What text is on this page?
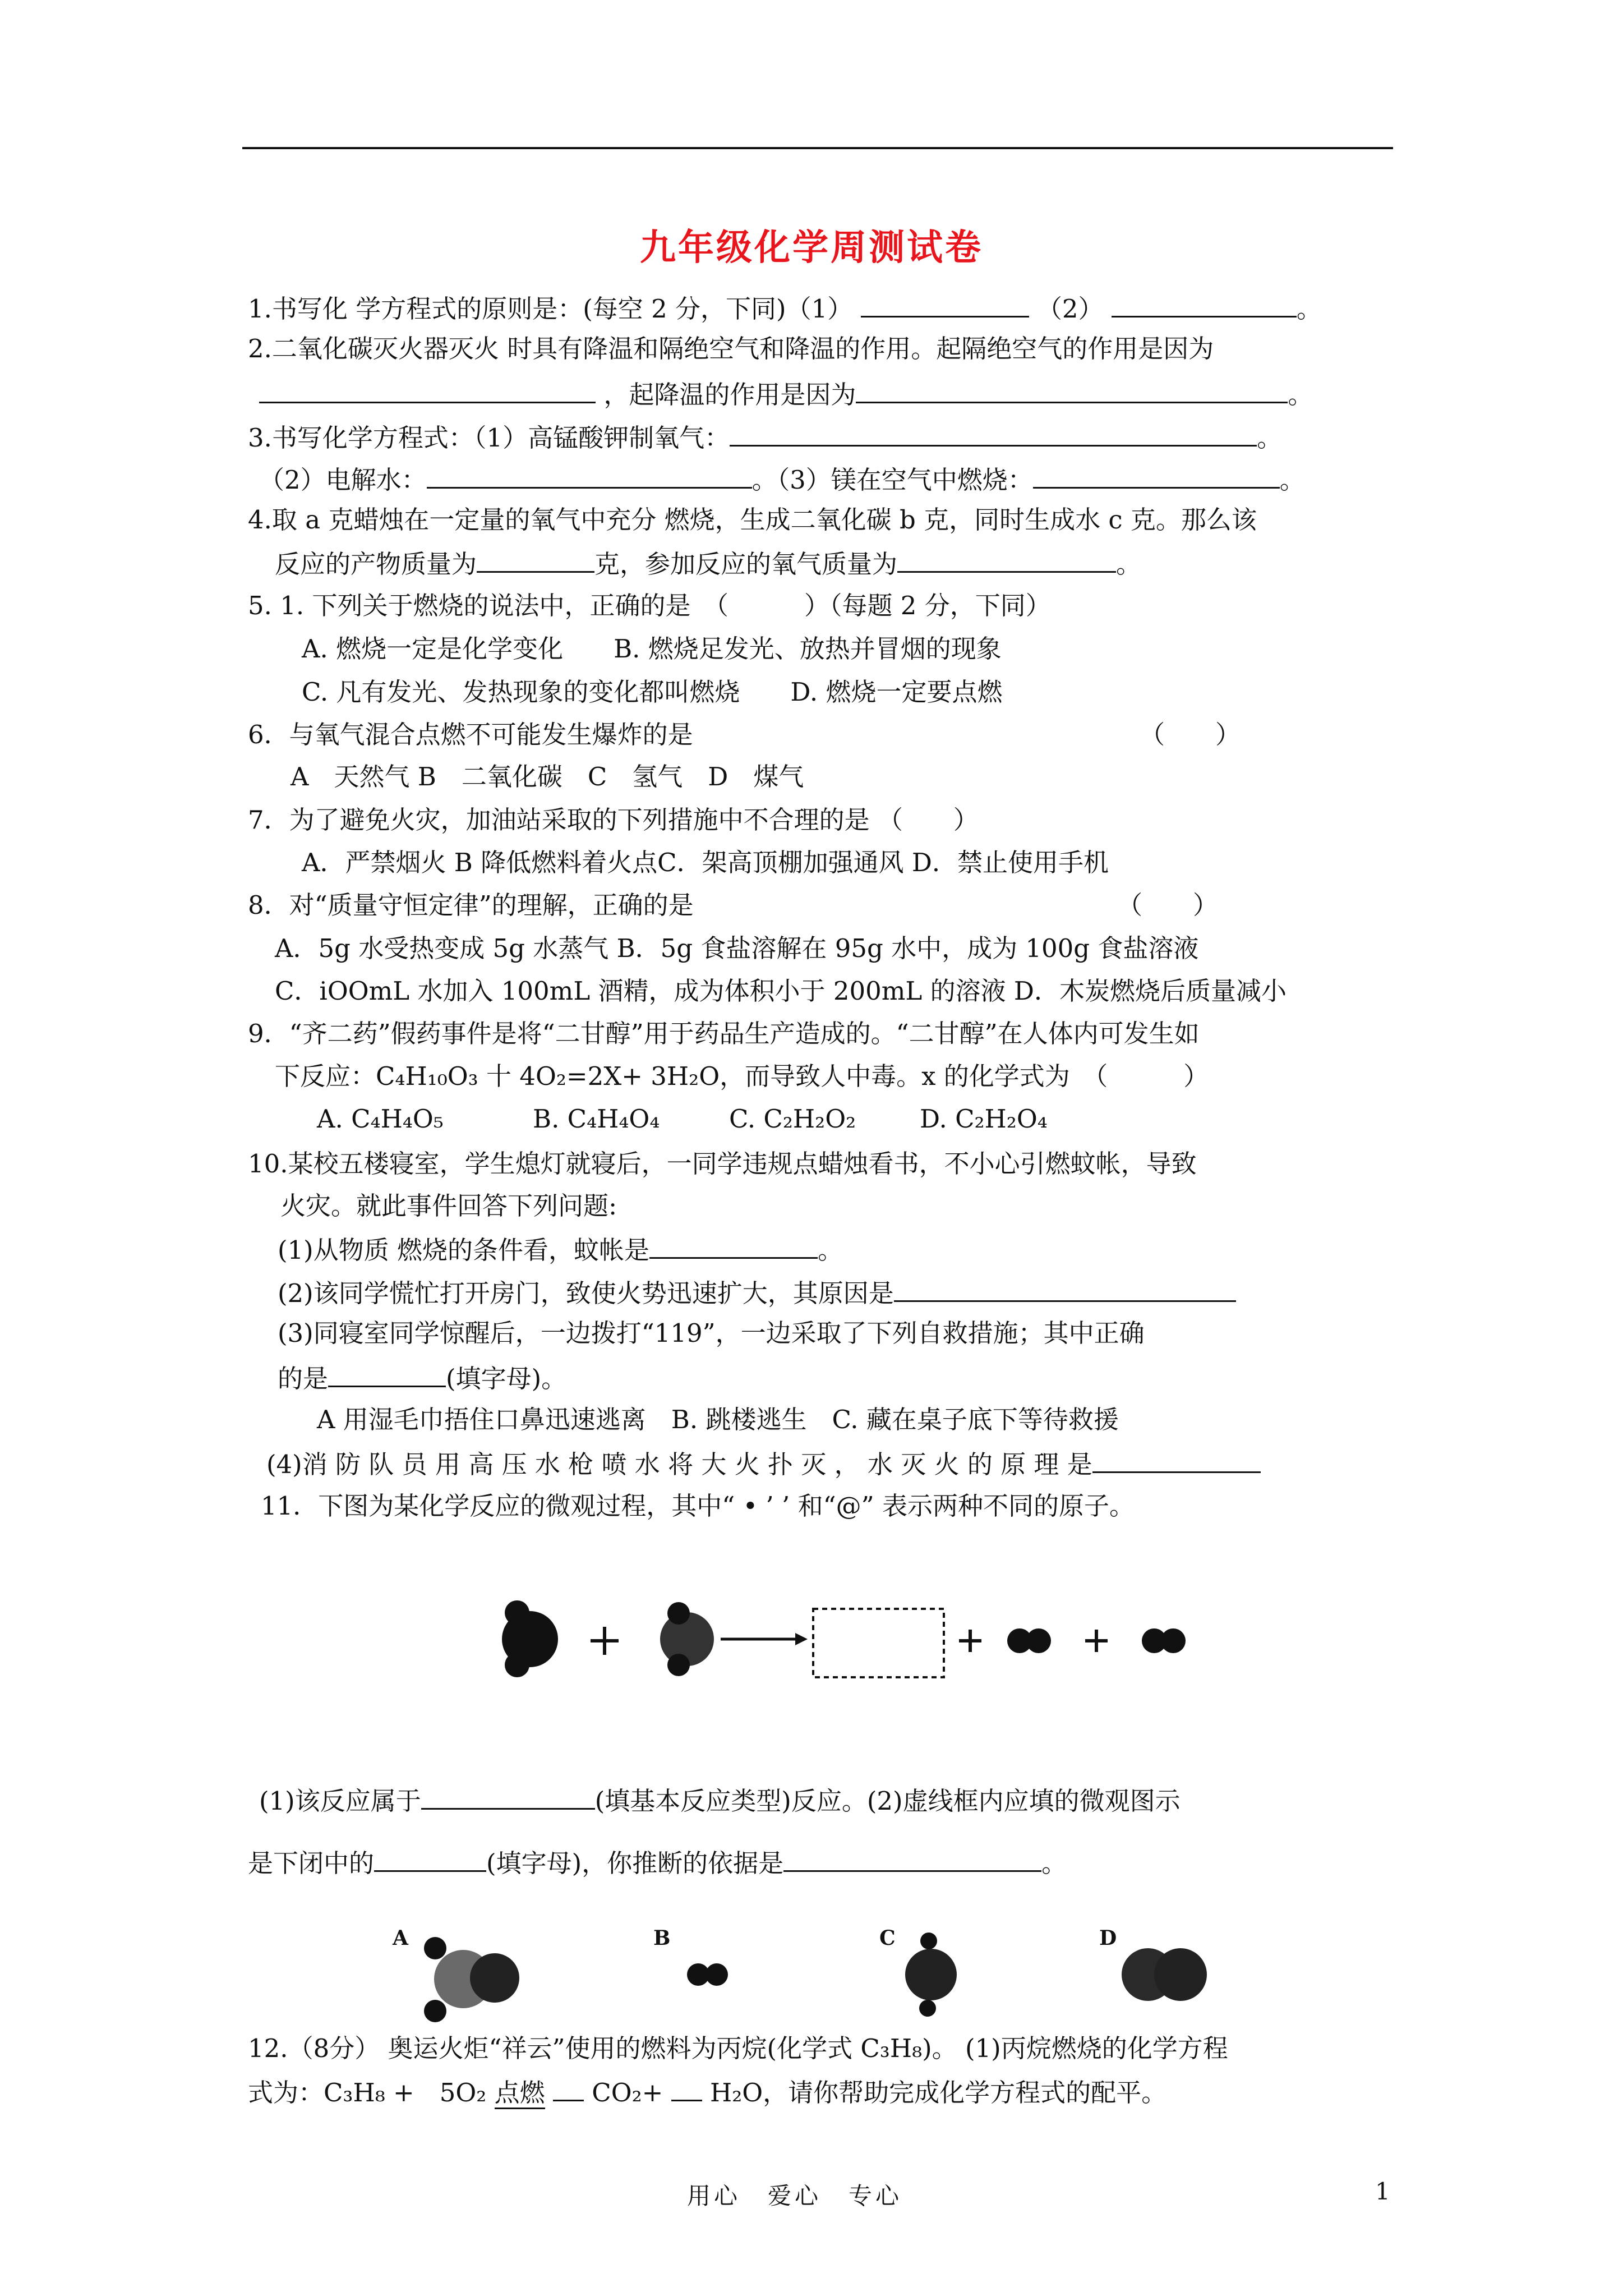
九年级化学周测试卷
1.书写化 学方程式的原则是：(每空 2 分，下同)（1）	（2）	。
2.二氧化碳灭火器灭火 时具有降温和隔绝空气和降温的作用。起隔绝空气的作用是因为
，起降温的作用是因为	。
3.书写化学方程式：（1）高锰酸钾制氧气：	。
（2）电解水：	。（3）镁在空气中燃烧：	。
4.取 a 克蜡烛在一定量的氧气中充分 燃烧，生成二氧化碳 b 克，同时生成水 c 克。那么该
反应的产物质量为	克，参加反应的氧气质量为	。
5. 1. 下列关于燃烧的说法中，正确的是　（　　　）（每题 2 分，下同）
A. 燃烧一定是化学变化　　B. 燃烧足发光、放热并冒烟的现象
C. 凡有发光、发热现象的变化都叫燃烧　　D. 燃烧一定要点燃
6．与氧气混合点燃不可能发生爆炸的是	（　　）
A　天然气 B　二氧化碳　C　氢气　D　煤气
7．为了避免火灾，加油站采取的下列措施中不合理的是 （　　）
A．严禁烟火 B 降低燃料着火点C．架高顶棚加强通风 D．禁止使用手机
8．对“质量守恒定律”的理解，正确的是	（　　）
A．5g 水受热变成 5g 水蒸气 B．5g 食盐溶解在 95g 水中，成为 100g 食盐溶液
C．iOOmL 水加入 100mL 酒精，成为体积小于 200mL 的溶液 D．木炭燃烧后质量减小
9．“齐二药”假药事件是将“二甘醇”用于药品生产造成的。“二甘醇”在人体内可发生如
下反应：C₄H₁₀O₃ 十 4O₂=2X+ 3H₂O，而导致人中毒。x 的化学式为　（　　　）
A. C₄H₄O₅	B. C₄H₄O₄	C. C₂H₂O₂	D. C₂H₂O₄
10.某校五楼寝室，学生熄灯就寝后，一同学违规点蜡烛看书，不小心引燃蚊帐，导致
火灾。就此事件回答下列问题:
(1)从物质 燃烧的条件看，蚊帐是	。
(2)该同学慌忙打开房门，致使火势迅速扩大，其原因是
(3)同寝室同学惊醒后，一边拨打“119”，一边采取了下列自救措施；其中正确
的是	(填字母)。
A 用湿毛巾捂住口鼻迅速逃离　B. 跳楼逃生　C. 藏在桌子底下等待救援
(4)消 防 队 员 用 高 压 水 枪 喷 水 将 大 火 扑 灭 ， 水 灭 火 的 原 理 是
11．下图为某化学反应的微观过程，其中“ • ’ ’ 和“@” 表示两种不同的原子。
(1)该反应属于	(填基本反应类型)反应。(2)虚线框内应填的微观图示
是下闭中的	(填字母)，你推断的依据是	。
A	B	C	D
12.（8分） 奥运火炬“祥云”使用的燃料为丙烷(化学式 C₃H₈)。 (1)丙烷燃烧的化学方程
式为：C₃H₈ +　5O₂ 点燃 CO₂+ H₂O，请你帮助完成化学方程式的配平。
用心　爱心　专心	1
